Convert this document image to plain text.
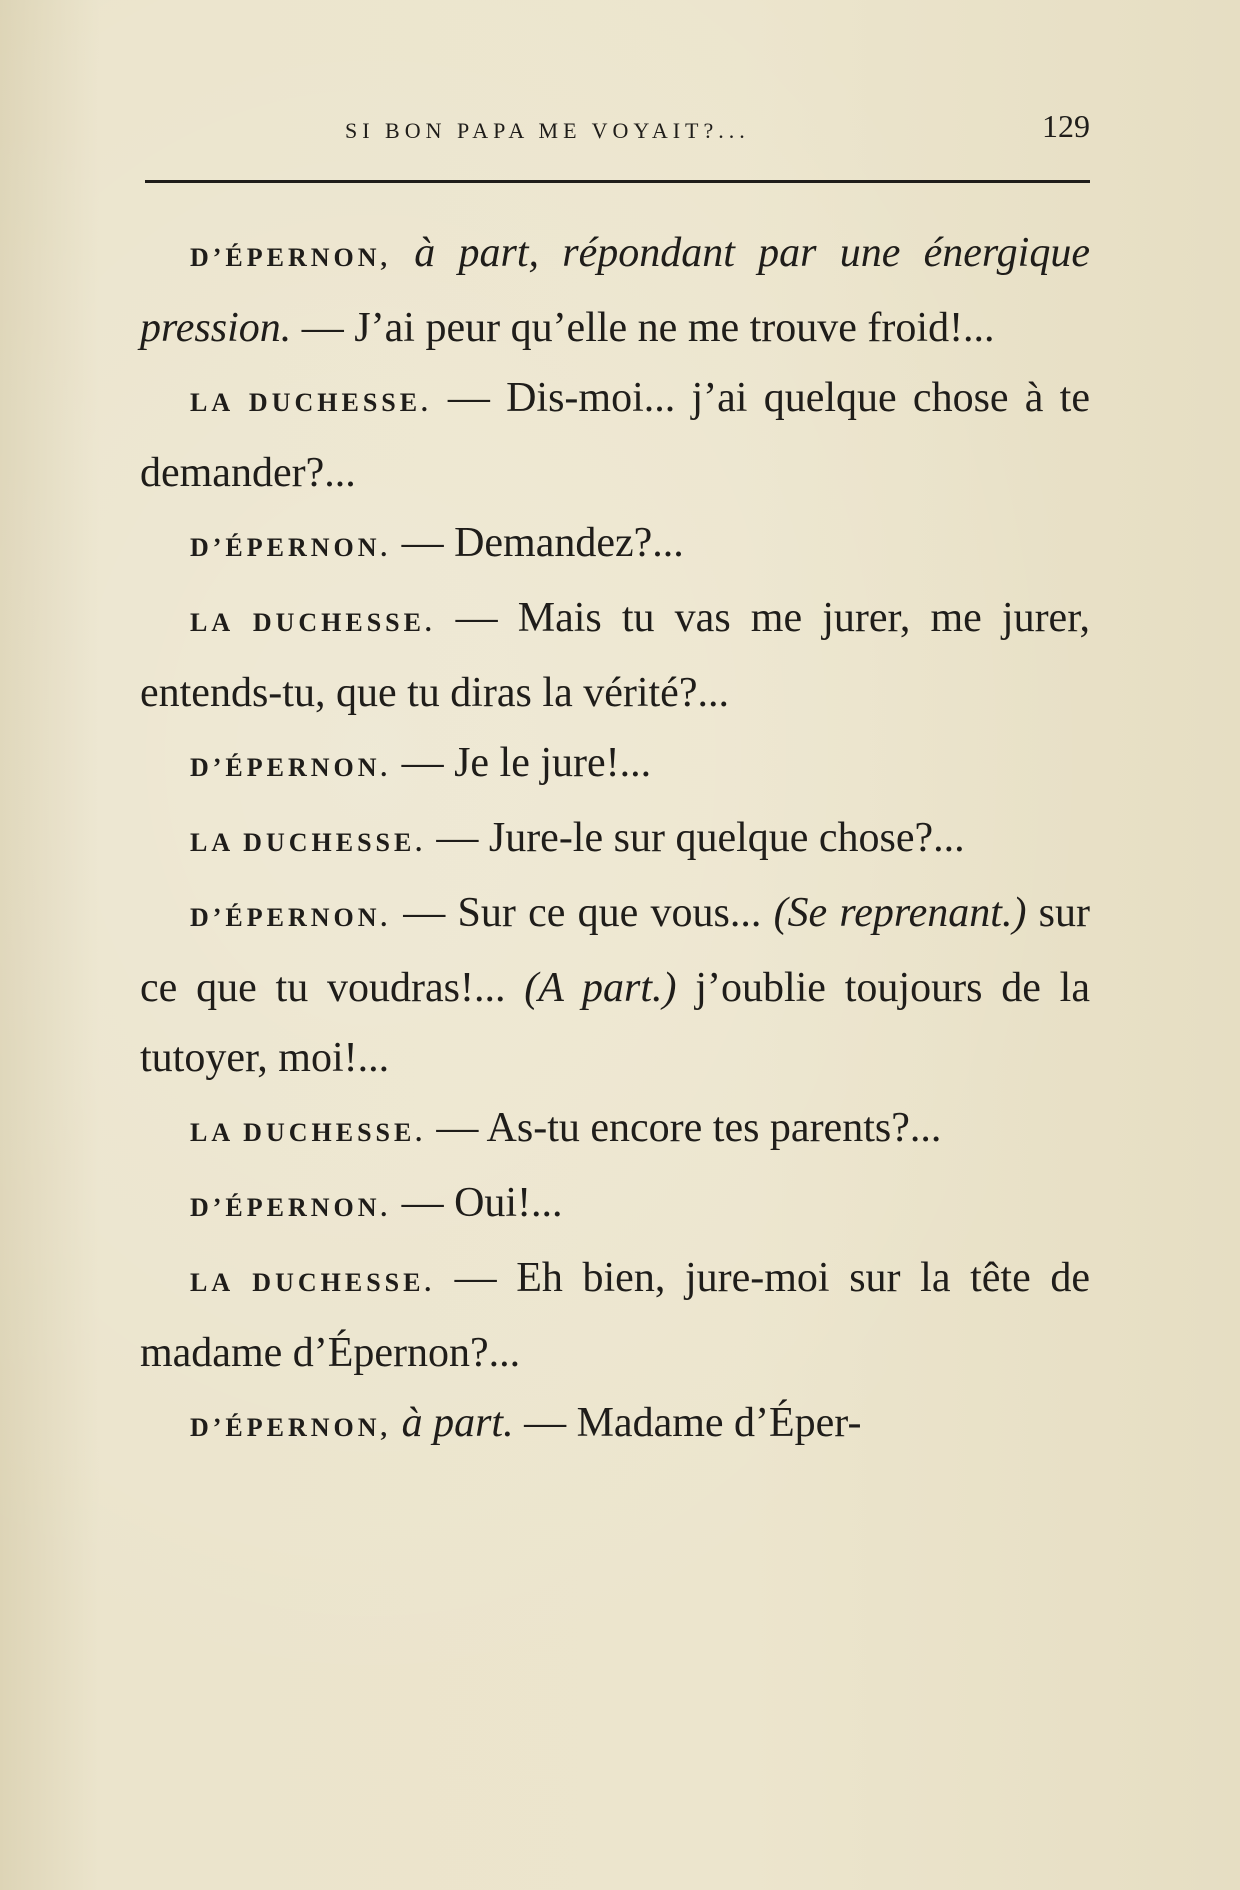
SI BON PAPA ME VOYAIT?...	129

D’ÉPERNON, à part, répondant par une énergique pression. — J’ai peur qu’elle ne me trouve froid!...

LA DUCHESSE. — Dis-moi... j’ai quelque chose à te demander?...

D’ÉPERNON. — Demandez?...

LA DUCHESSE. — Mais tu vas me jurer, me jurer, entends-tu, que tu diras la vérité?...

D’ÉPERNON. — Je le jure!...

LA DUCHESSE. — Jure-le sur quelque chose?...

D’ÉPERNON. — Sur ce que vous... (Se reprenant.) sur ce que tu voudras!... (A part.) j’oublie toujours de la tutoyer, moi!...

LA DUCHESSE. — As-tu encore tes parents?...

D’ÉPERNON. — Oui!...

LA DUCHESSE. — Eh bien, jure-moi sur la tête de madame d’Épernon?...

D’ÉPERNON, à part. — Madame d’Éper-
